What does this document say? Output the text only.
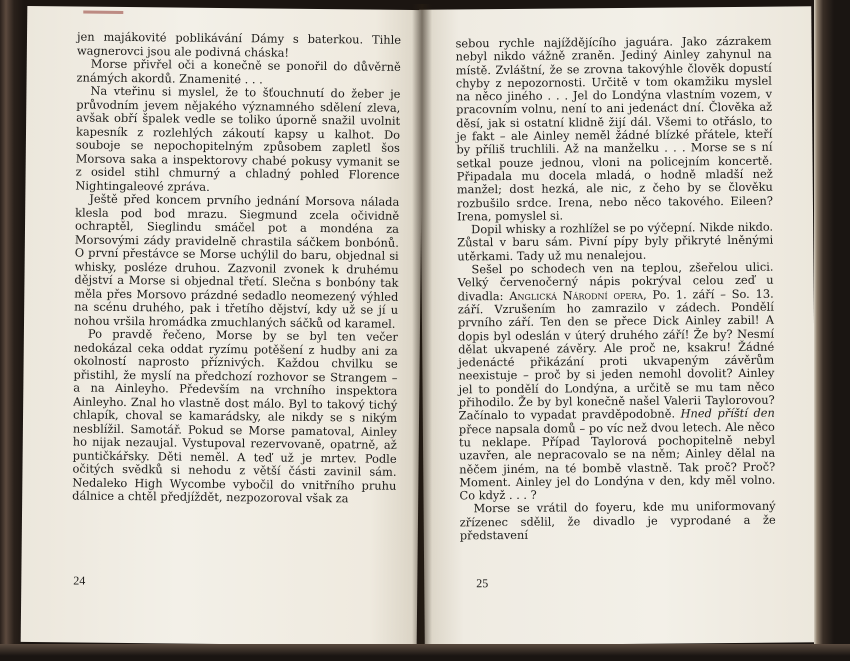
jen majákovité poblikávání Dámy s baterkou. Tihle wagnerovci jsou ale podivná cháska!

Morse přivřel oči a konečně se ponořil do důvěrně známých akordů. Znamenité . . .

Na vteřinu si myslel, že to šťouchnutí do žeber je průvodním jevem nějakého významného sdělení zleva, avšak obří špalek vedle se toliko úporně snažil uvolnit kapesník z rozlehlých zákoutí kapsy u kalhot. Do souboje se nepochopitelným způsobem zapletl šos Morsova saka a inspektorovy chabé pokusy vymanit se z osidel stihl chmurný a chladný pohled Florence Nightingaleové zpráva.

Ještě před koncem prvního jednání Morsova nálada klesla pod bod mrazu. Siegmund zcela očividně ochraptěl, Sieglindu smáčel pot a mondéna za Morsovými zády pravidelně chrastila sáčkem bonbónů. O první přestávce se Morse uchýlil do baru, objednal si whisky, posléze druhou. Zazvonil zvonek k druhému dějství a Morse si objednal třetí. Slečna s bonbóny tak měla přes Morsovo prázdné sedadlo neomezený výhled na scénu druhého, pak i třetího dějství, kdy už se jí u nohou vršila hromádka zmuchlaných sáčků od karamel.

Po pravdě řečeno, Morse by se byl ten večer nedokázal ceka oddat ryzímu potěšení z hudby ani za okolností naprosto příznivých. Každou chvilku se přistihl, že myslí na předchozí rozhovor se Strangem – a na Ainleyho. Především na vrchního inspektora Ainleyho. Znal ho vlastně dost málo. Byl to takový tichý chlapík, choval se kamarádsky, ale nikdy se s nikým nesblížil. Samotář. Pokud se Morse pamatoval, Ainley ho nijak nezaujal. Vystupoval rezervovaně, opatrně, až puntičkářsky. Děti neměl. A teď už je mrtev. Podle očitých svědků si nehodu z větší části zavinil sám. Nedaleko High Wycombe vybočil do vnitřního pruhu dálnice a chtěl předjíždět, nezpozoroval však za

24

sebou rychle najíždějícího jaguára. Jako zázrakem nebyl nikdo vážně zraněn. Jediný Ainley zahynul na místě. Zvláštní, že se zrovna takovýhle člověk dopustí chyby z nepozornosti. Určitě v tom okamžiku myslel na něco jiného . . . Jel do Londýna vlastním vozem, v pracovním volnu, není to ani jedenáct dní. Člověka až děsí, jak si ostatní klidně žijí dál. Všemi to otřáslo, to je fakt – ale Ainley neměl žádné blízké přátele, kteří by příliš truchlili. Až na manželku . . . Morse se s ní setkal pouze jednou, vloni na policejním koncertě. Připadala mu docela mladá, o hodně mladší než manžel; dost hezká, ale nic, z čeho by se člověku rozbušilo srdce. Irena, nebo něco takového. Eileen? Irena, pomyslel si.

Dopil whisky a rozhlížel se po výčepní. Nikde nikdo. Zůstal v baru sám. Pivní pípy byly přikryté lněnými utěrkami. Tady už mu nenalejou.

Sešel po schodech ven na teplou, zšeřelou ulici. Velký červenočerný nápis pokrýval celou zeď u divadla: Anglická Národní opera, Po. 1. září – So. 13. září. Vzrušením ho zamrazilo v zádech. Pondělí prvního září. Ten den se přece Dick Ainley zabil! A dopis byl odeslán v úterý druhého září! Že by? Nesmí dělat ukvapené závěry. Ale proč ne, ksakru! Žádné jedenácté přikázání proti ukvapeným závěrům neexistuje – proč by si jeden nemohl dovolit? Ainley jel to pondělí do Londýna, a určitě se mu tam něco přihodilo. Že by byl konečně našel Valerii Taylorovou? Začínalo to vypadat pravděpodobně. Hned příští den přece napsala domů – po víc než dvou letech. Ale něco tu neklape. Případ Taylorová pochopitelně nebyl uzavřen, ale nepracovalo se na něm; Ainley dělal na něčem jiném, na té bombě vlastně. Tak proč? Proč? Moment. Ainley jel do Londýna v den, kdy měl volno. Co když . . . ?

Morse se vrátil do foyeru, kde mu uniformovaný zřízenec sdělil, že divadlo je vyprodané a že představení

25
